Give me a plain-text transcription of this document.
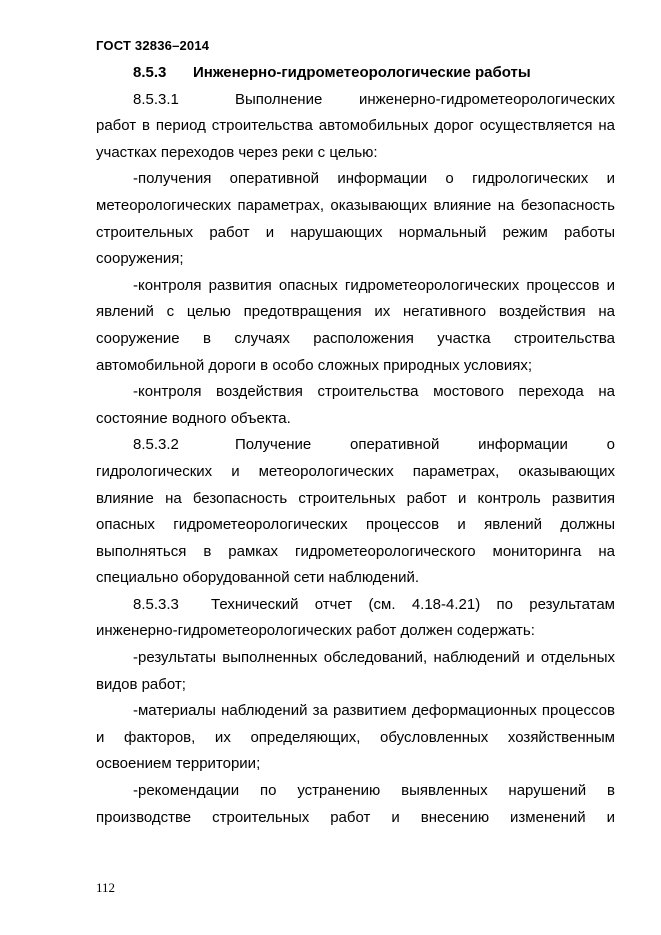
ГОСТ 32836–2014
8.5.3 Инженерно-гидрометеорологические работы

8.5.3.1	Выполнение инженерно-гидрометеорологических работ в период строительства автомобильных дорог осуществляется на участках переходов через реки с целью:

-получения оперативной информации о гидрологических и метеорологических параметрах, оказывающих влияние на безопасность строительных работ и нарушающих нормальный режим работы сооружения;

-контроля развития опасных гидрометеорологических процессов и явлений с целью предотвращения их негативного воздействия на сооружение в случаях расположения участка строительства автомобильной дороги в особо сложных природных условиях;

-контроля воздействия строительства мостового перехода на состояние водного объекта.

8.5.3.2	Получение оперативной информации о гидрологических и метеорологических параметрах, оказывающих влияние на безопасность строительных работ и контроль развития опасных гидрометеорологических процессов и явлений должны выполняться в рамках гидрометеорологического мониторинга на специально оборудованной сети наблюдений.

8.5.3.3 Технический отчет (см. 4.18-4.21) по результатам инженерно-гидрометеорологических работ должен содержать:

-результаты выполненных обследований, наблюдений и отдельных видов работ;

-материалы наблюдений за развитием деформационных процессов и факторов, их определяющих, обусловленных хозяйственным освоением территории;

-рекомендации по устранению выявленных нарушений в производстве строительных работ и внесению изменений и

112
